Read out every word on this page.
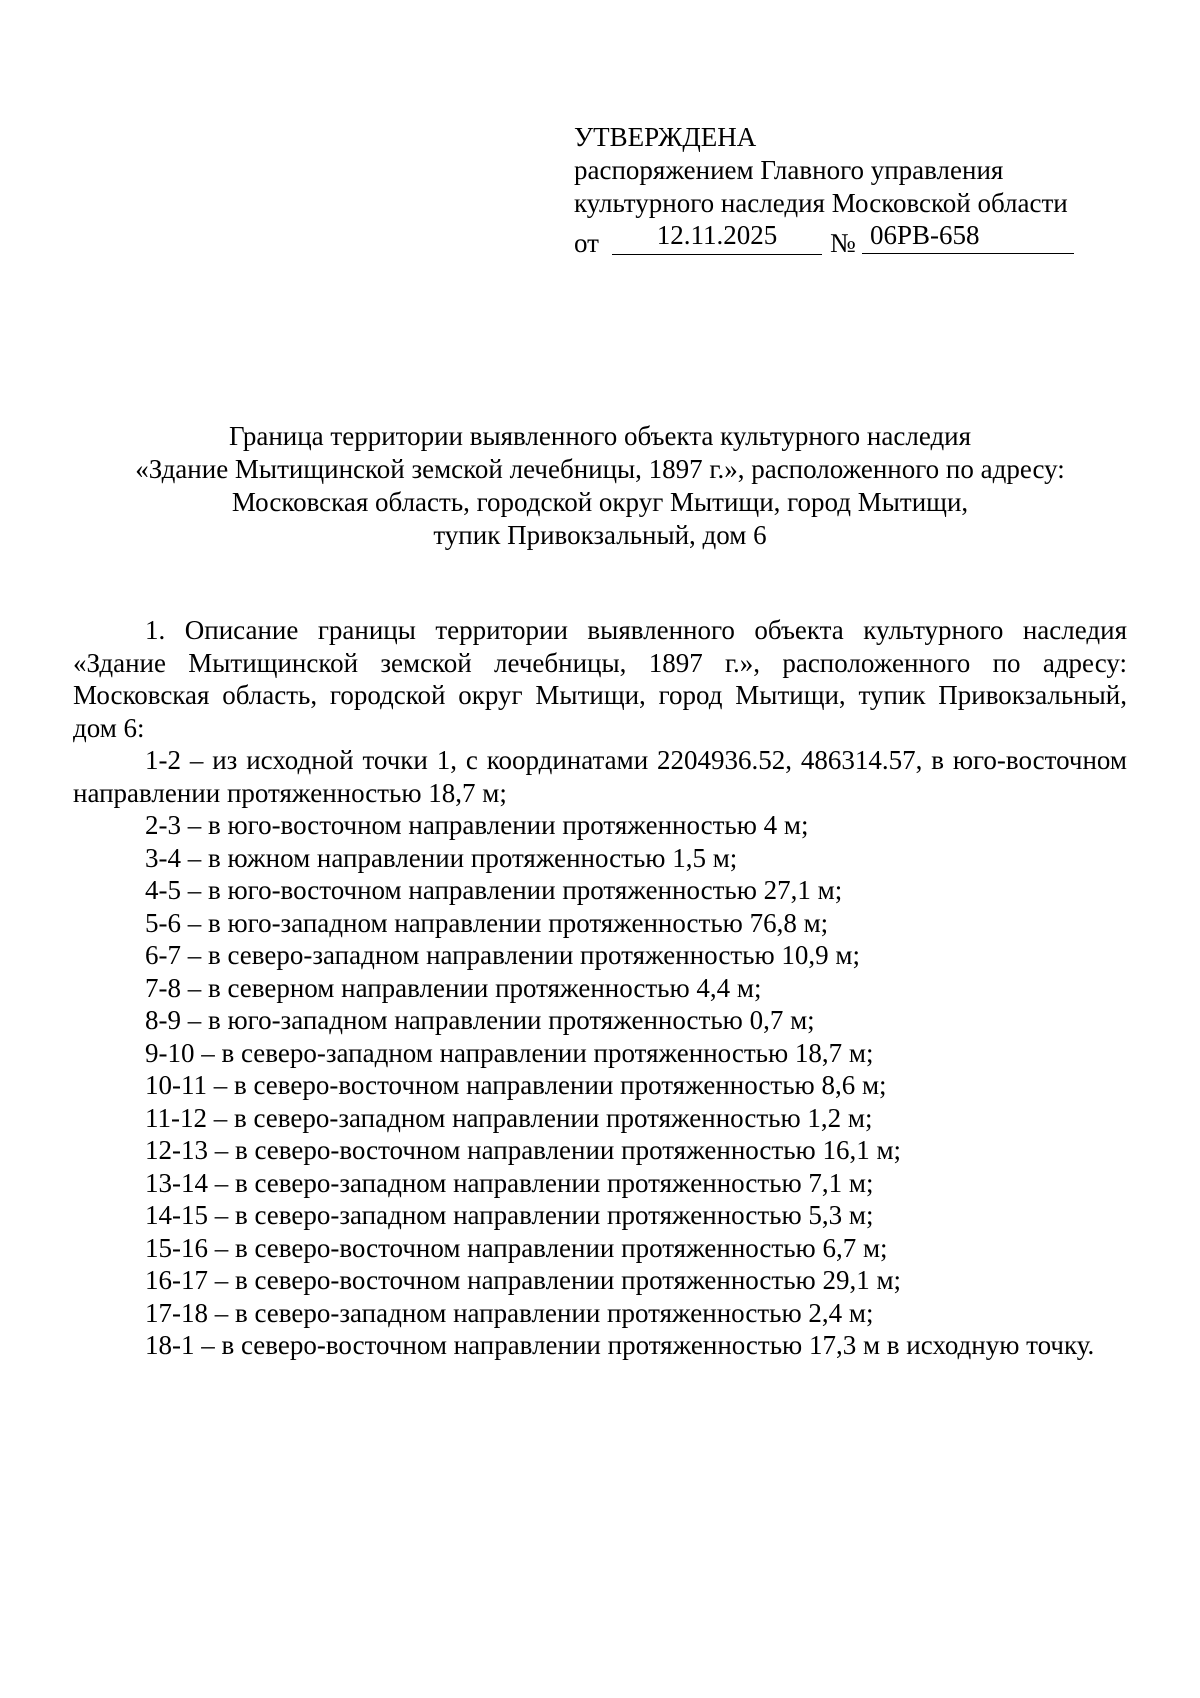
УТВЕРЖДЕНА
распоряжением Главного управления
культурного наследия Московской области
от	12.11.2025	№ 06РВ-658
Граница территории выявленного объекта культурного наследия
«Здание Мытищинской земской лечебницы, 1897 г.», расположенного по адресу:
Московская область, городской округ Мытищи, город Мытищи,
тупик Привокзальный, дом 6

1. Описание границы территории выявленного объекта культурного наследия «Здание Мытищинской земской лечебницы, 1897 г.», расположенного по адресу: Московская область, городской округ Мытищи, город Мытищи, тупик Привокзальный, дом 6:

1-2 – из исходной точки 1, с координатами 2204936.52, 486314.57, в юго-восточном направлении протяженностью 18,7 м;
2-3 – в юго-восточном направлении протяженностью 4 м;
3-4 – в южном направлении протяженностью 1,5 м;
4-5 – в юго-восточном направлении протяженностью 27,1 м;
5-6 – в юго-западном направлении протяженностью 76,8 м;
6-7 – в северо-западном направлении протяженностью 10,9 м;
7-8 – в северном направлении протяженностью 4,4 м;
8-9 – в юго-западном направлении протяженностью 0,7 м;
9-10 – в северо-западном направлении протяженностью 18,7 м;
10-11 – в северо-восточном направлении протяженностью 8,6 м;
11-12 – в северо-западном направлении протяженностью 1,2 м;
12-13 – в северо-восточном направлении протяженностью 16,1 м;
13-14 – в северо-западном направлении протяженностью 7,1 м;
14-15 – в северо-западном направлении протяженностью 5,3 м;
15-16 – в северо-восточном направлении протяженностью 6,7 м;
16-17 – в северо-восточном направлении протяженностью 29,1 м;
17-18 – в северо-западном направлении протяженностью 2,4 м;
18-1 – в северо-восточном направлении протяженностью 17,3 м в исходную точку.
